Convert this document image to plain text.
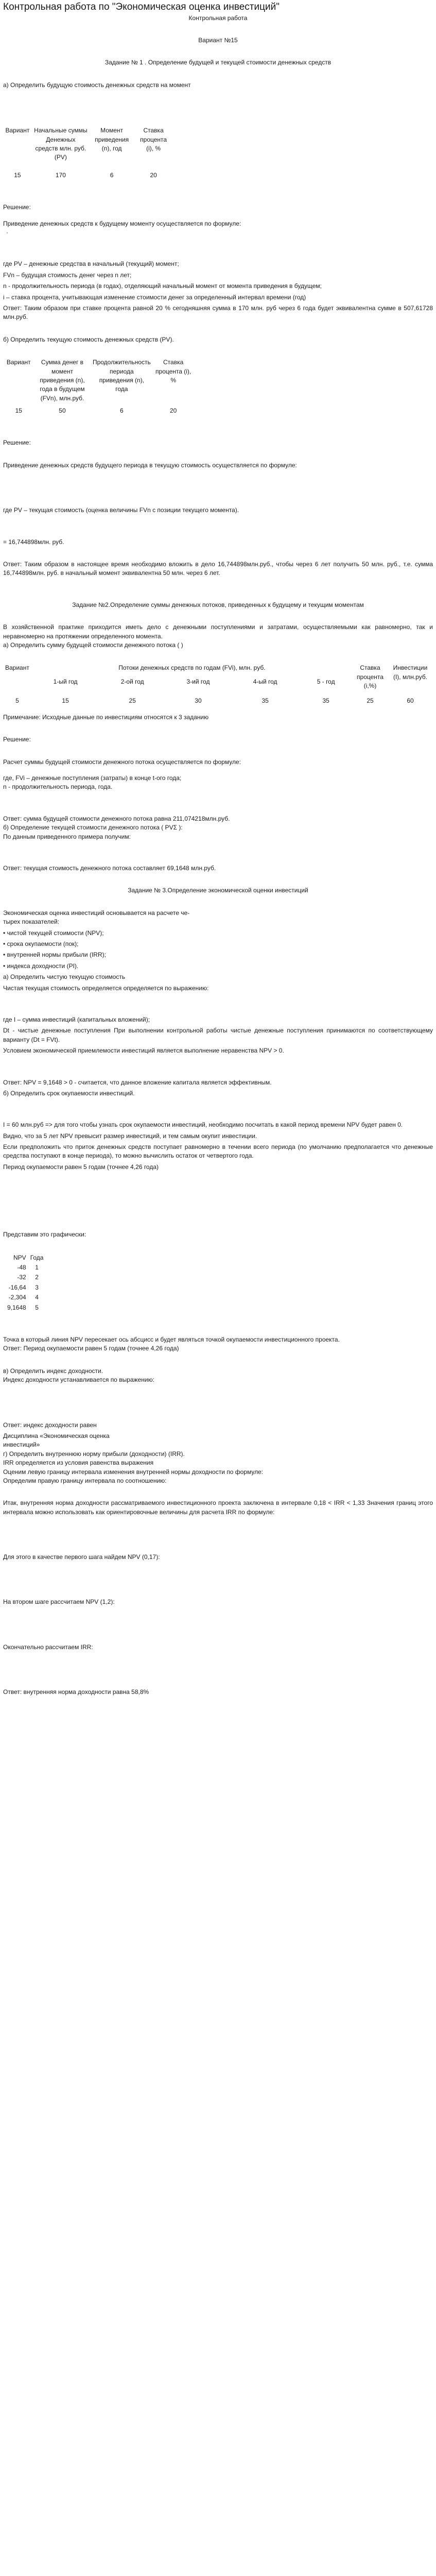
Контрольная работа по "Экономическая оценка инвестиций"

Контрольная работа

Вариант №15

Задание № 1 . Определение будущей и текущей стоимости денежных средств

а) Определить будущую стоимость денежных средств на момент

Вариант	Начальные суммы Денежных средств млн. руб. (PV)	Момент приведения (n), год	Ставка процента (i), %
15	170	6	20

Решение:

Приведение денежных средств к будущему моменту осуществляется по формуле:

·

где PV – денежные средства в начальный (текущий) момент;

FVn – будущая стоимость денег через n лет;

n - продолжительность периода (в годах), отделяющий начальный момент от момента приведения в будущем;

i – ставка процента, учитывающая изменение стоимости денег за определенный интервал времени (год)

Ответ: Таким образом при ставке процента равной 20 % сегодняшняя сумма в 170 млн. руб через 6 года будет эквивалентна сумме в 507,61728 млн.руб.

б) Определить текущую стоимость денежных средств (PV).

Вариант	Сумма денег в момент приведения (n), года в будущем (FVn), млн.руб.	Продолжительность периода приведения (n), года	Ставка процента (i), %
15	50	6	20

Решение:

Приведение денежных средств будущего периода в текущую стоимость осуществляется по формуле:

где PV – текущая стоимость (оценка величины FVn с позиции текущего момента).

= 16,744898млн. руб.

Ответ: Таким образом в настоящее время необходимо вложить в дело 16,744898млн.руб., чтобы через 6 лет получить 50 млн. руб., т.е. сумма 16,744898млн. руб. в начальный момент эквивалентна 50 млн. через 6 лет.

Задание №2.Определение суммы денежных потоков, приведенных к будущему и текущим моментам

В хозяйственной практике приходится иметь дело с денежными поступлениями и затратами, осуществляемыми как равномерно, так и неравномерно на протяжении определенного момента.

а) Определить сумму будущей стоимости денежного потока ( )

Вариант	Потоки денежных средств по годам (FVi), млн. руб.					Ставка процента (i,%)	Инвестиции (I), млн.руб.
	1-ый год	2-ой год	3-ий год	4-ый год	5 - год		
5	15	25	30	35	35	25	60

Примечание: Исходные данные по инвестициям относятся к 3 заданию

Решение:

Расчет суммы будущей стоимости денежного потока осуществляется по формуле:

где, FVi – денежные поступления (затраты) в конце t-ого года;

n - продолжительность периода, года.

Ответ: сумма будущей стоимости денежного потока равна 211,074218млн.руб.

б) Определение текущей стоимости денежного потока ( PVΣ ):

По данным приведенного примера получим:

Ответ: текущая стоимость денежного потока составляет 69,1648 млн.руб.

Задание № 3.Определение экономической оценки инвестиций

Экономическая оценка инвестиций основывается на расчете че-

тырех показателей:

• чистой текущей стоимости (NPV);

• срока окупаемости (пок);

• внутренней нормы прибыли (IRR);

• индекса доходности (PI).

а) Определить чистую текущую стоимость

Чистая текущая стоимость определяется определяется по выражению:

где I – сумма инвестиций (капитальных вложений);

Dt - чистые денежные поступления При выполнении контрольной работы чистые денежные поступления принимаются по соответствующему варианту (Dt = FVt).

Условием экономической приемлемости инвестиций является выполнение неравенства NPV > 0.

Ответ: NPV = 9,1648 > 0 - считается, что данное вложение капитала является эффективным.

б) Определить срок окупаемости инвестиций.

I = 60 млн.руб => для того чтобы узнать срок окупаемости инвестиций, необходимо посчитать в какой период времени NPV будет равен 0.

Видно, что за 5 лет NPV превысит размер инвестиций, и тем самым окупит инвестиции.

Если предположить что приток денежных средств поступает равномерно в течении всего периода (по умолчанию предполагается что денежные средства поступают в конце периода), то можно вычислить остаток от четвертого года.

Период окупаемости равен 5 годам (точнее 4,26 года)

Представим это графически:

NPV	Года
-48	1
-32	2
-16,64	3
-2,304	4
9,1648	5

Точка в который линия NPV пересекает ось абсцисс и будет являться точкой окупаемости инвестиционного проекта.

Ответ: Период окупаемости равен 5 годам (точнее 4,26 года)

в) Определить индекс доходности.

Индекс доходности устанавливается по выражению:

Ответ: индекс доходности равен

Дисциплина «Экономическая оценка

инвестиций»

г) Определить внутреннюю норму прибыли (доходности) (IRR).

IRR определяется из условия равенства выражения

Оценим левую границу интервала изменения внутренней нормы доходности по формуле:

Определим правую границу интервала по соотношению:

Итак, внутренняя норма доходности рассматриваемого инвестиционного проекта заключена в интервале 0,18 < IRR < 1,33 Значения границ этого интервала можно использовать как ориентировочные величины для расчета IRR по формуле:

Для этого в качестве первого шага найдем NPV (0,17):

На втором шаге рассчитаем NPV (1,2):

Окончательно рассчитаем IRR:

Ответ: внутренняя норма доходности равна 58,8%
